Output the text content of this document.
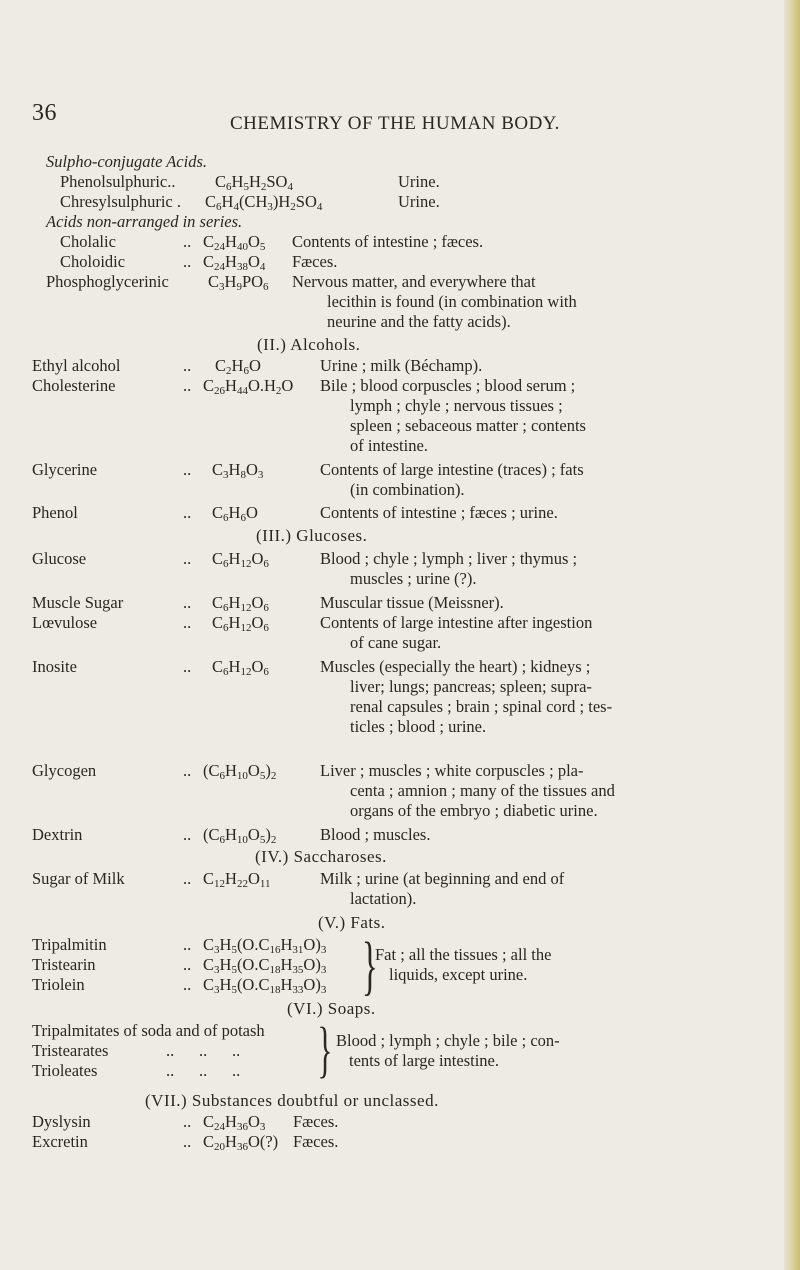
36	CHEMISTRY OF THE HUMAN BODY.
Sulpho-conjugate Acids.
Phenolsulphuric.. $C_6H_5H_2SO_4$	Urine.
Chresylsulphuric . $C_6H_4(CH_3)H_2SO_4$	Urine.
Acids non-arranged in series.
Cholalic	.. $C_{24}H_{40}O_5$ Contents of intestine ; fæces.
Choloidic	.. $C_{24}H_{38}O_4$ Fæces.
Phosphoglycerinic $C_3H_9PO_6$ Nervous matter, and everywhere that
lecithin is found (in combination with
neurine and the fatty acids).
(II.) Alcohols.
Ethyl alcohol	.. $C_2H_6O$	Urine ; milk (Béchamp).
Cholesterine	.. $C_{26}H_{44}O.H_2O$ Bile ; blood corpuscles ; blood serum ;
lymph ; chyle ; nervous tissues ;
spleen ; sebaceous matter ; contents
of intestine.
Glycerine	.. $C_3H_8O_3$	Contents of large intestine (traces) ; fats
(in combination).
Phenol	.. $C_6H_6O$	Contents of intestine ; fæces ; urine.
(III.) Glucoses.
Glucose	.. $C_6H_{12}O_6$	Blood ; chyle ; lymph ; liver ; thymus ;
muscles ; urine (?).
Muscle Sugar	.. $C_6H_{12}O_6$	Muscular tissue (Meissner).
Lœvulose	.. $C_6H_{12}O_6$	Contents of large intestine after ingestion
of cane sugar.
Inosite	.. $C_6H_{12}O_6$	Muscles (especially the heart) ; kidneys ;
liver; lungs; pancreas; spleen; supra-
renal capsules ; brain ; spinal cord ; tes-
ticles ; blood ; urine.
Glycogen	.. $(C_6H_{10}O_5)_2$	Liver ; muscles ; white corpuscles ; pla-
centa ; amnion ; many of the tissues and
organs of the embryo ; diabetic urine.
Dextrin	.. $(C_6H_{10}O_5)_2$	Blood ; muscles.
(IV.) Saccharoses.
Sugar of Milk	.. $C_{12}H_{22}O_{11}$	Milk ; urine (at beginning and end of
lactation).
(V.) Fats.
Tripalmitin	.. $C_3H_5(O.C_{16}H_{31}O)_3$
Tristearin	.. $C_3H_5(O.C_{18}H_{35}O)_3$
Triolein	.. $C_3H_5(O.C_{18}H_{33}O)_3$ }
Fat ; all the tissues ; all the
liquids, except urine.
(VI.) Soaps.
Tripalmitates of soda and of potash
Tristearates	..      ..      ..
Trioleates	..      ..      .. } Blood ; lymph ; chyle ; bile ; con-
tents of large intestine.
(VII.) Substances doubtful or unclassed.
Dyslysin	.. $C_{24}H_{36}O_3$ Fæces.
Excretin	.. $C_{20}H_{36}O(?)$ Fæces.
